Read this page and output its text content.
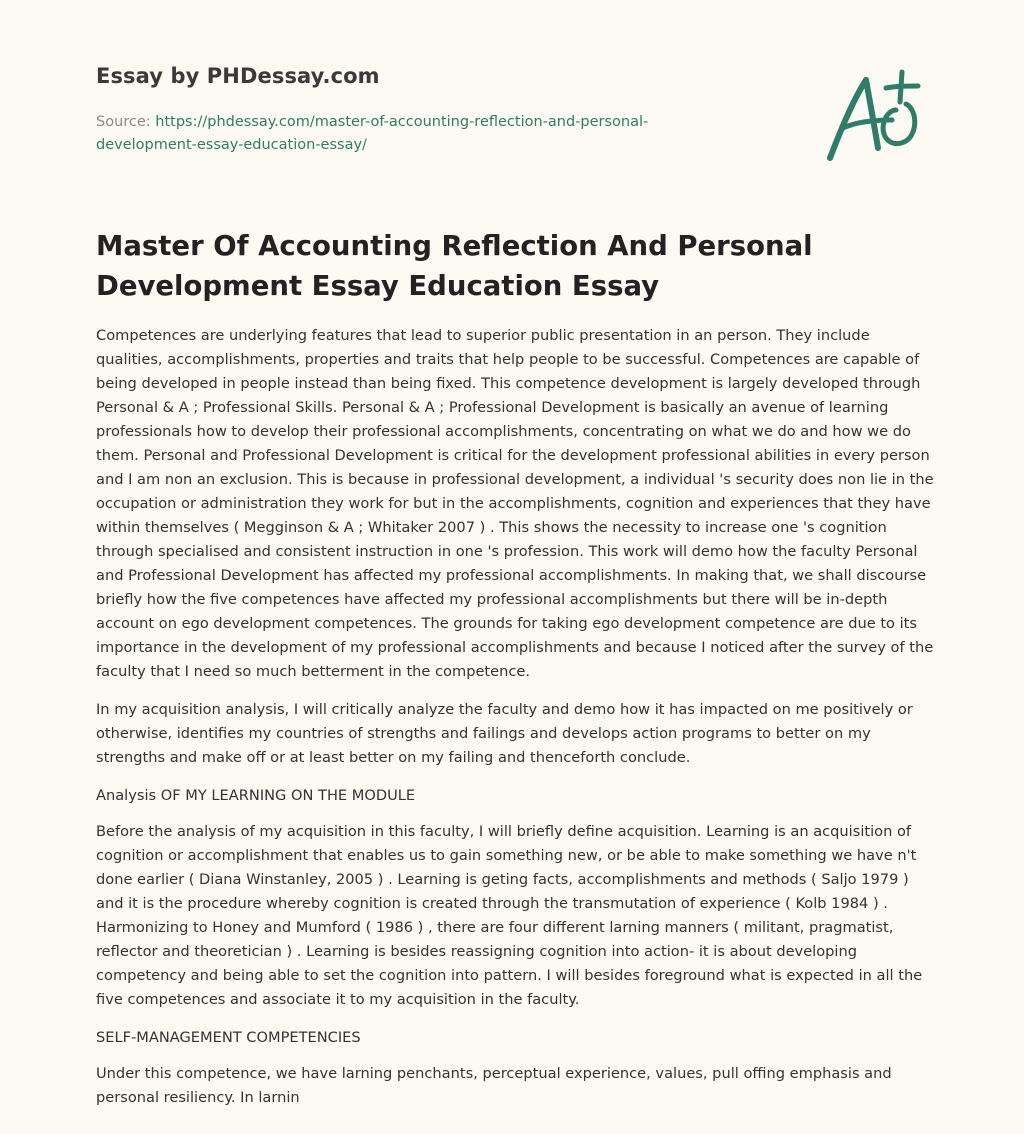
Essay by PHDessay.com
Source: https://phdessay.com/master-of-accounting-reflection-and-personal-
development-essay-education-essay/
Master Of Accounting Reflection And Personal Development Essay Education Essay

Competences are underlying features that lead to superior public presentation in an person. They include qualities, accomplishments, properties and traits that help people to be successful. Competences are capable of being developed in people instead than being fixed. This competence development is largely developed through Personal & A ; Professional Skills. Personal & A ; Professional Development is basically an avenue of learning professionals how to develop their professional accomplishments, concentrating on what we do and how we do them. Personal and Professional Development is critical for the development professional abilities in every person and I am non an exclusion. This is because in professional development, a individual 's security does non lie in the occupation or administration they work for but in the accomplishments, cognition and experiences that they have within themselves ( Megginson & A ; Whitaker 2007 ) . This shows the necessity to increase one 's cognition through specialised and consistent instruction in one 's profession. This work will demo how the faculty Personal and Professional Development has affected my professional accomplishments. In making that, we shall discourse briefly how the five competences have affected my professional accomplishments but there will be in-depth account on ego development competences. The grounds for taking ego development competence are due to its importance in the development of my professional accomplishments and because I noticed after the survey of the faculty that I need so much betterment in the competence.

In my acquisition analysis, I will critically analyze the faculty and demo how it has impacted on me positively or otherwise, identifies my countries of strengths and failings and develops action programs to better on my strengths and make off or at least better on my failing and thenceforth conclude.

Analysis OF MY LEARNING ON THE MODULE

Before the analysis of my acquisition in this faculty, I will briefly define acquisition. Learning is an acquisition of cognition or accomplishment that enables us to gain something new, or be able to make something we have n't done earlier ( Diana Winstanley, 2005 ) . Learning is geting facts, accomplishments and methods ( Saljo 1979 ) and it is the procedure whereby cognition is created through the transmutation of experience ( Kolb 1984 ) . Harmonizing to Honey and Mumford ( 1986 ) , there are four different larning manners ( militant, pragmatist, reflector and theoretician ) . Learning is besides reassigning cognition into action- it is about developing competency and being able to set the cognition into pattern. I will besides foreground what is expected in all the five competences and associate it to my acquisition in the faculty.

SELF-MANAGEMENT COMPETENCIES

Under this competence, we have larning penchants, perceptual experience, values, pull offing emphasis and personal resiliency. In larnin
